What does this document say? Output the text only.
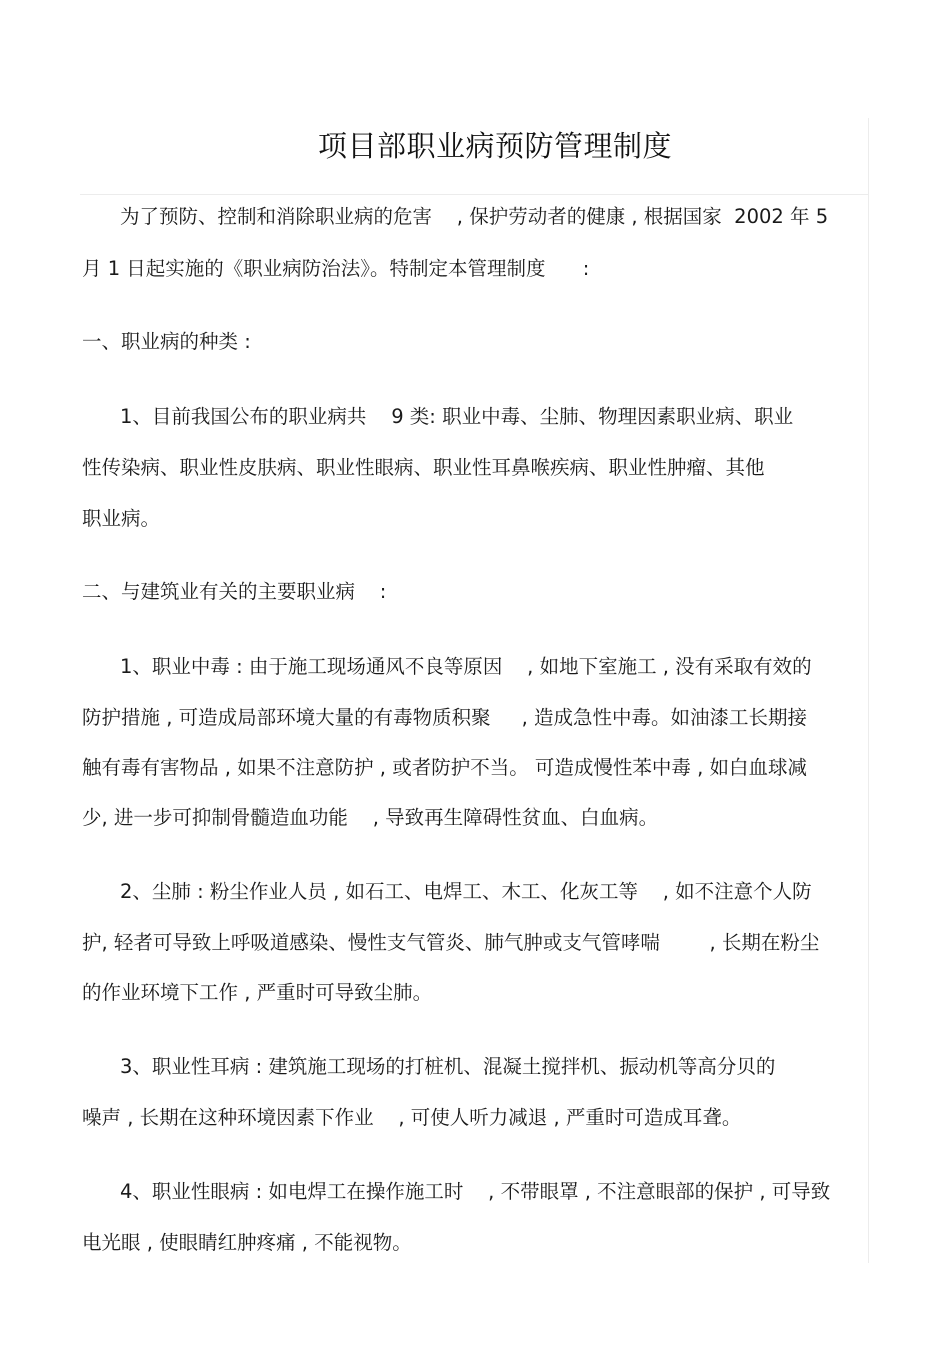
项目部职业病预防管理制度
为了预防、控制和消除职业病的危害    , 保护劳动者的健康 , 根据国家  2002 年 5
月 1 日起实施的《职业病防治法》。特制定本管理制度      :
一、职业病的种类 :
1、目前我国公布的职业病共    9 类: 职业中毒、尘肺、物理因素职业病、职业
性传染病、职业性皮肤病、职业性眼病、职业性耳鼻喉疾病、职业性肿瘤、其他
职业病。
二、与建筑业有关的主要职业病    :
1、职业中毒 : 由于施工现场通风不良等原因    , 如地下室施工 , 没有采取有效的
防护措施 , 可造成局部环境大量的有毒物质积聚     , 造成急性中毒。如油漆工长期接
触有毒有害物品 , 如果不注意防护 , 或者防护不当。 可造成慢性苯中毒 , 如白血球减
少, 进一步可抑制骨髓造血功能    , 导致再生障碍性贫血、白血病。
2、尘肺 : 粉尘作业人员 , 如石工、电焊工、木工、化灰工等    , 如不注意个人防
护, 轻者可导致上呼吸道感染、慢性支气管炎、肺气肿或支气管哮喘        , 长期在粉尘
的作业环境下工作 , 严重时可导致尘肺。
3、职业性耳病 : 建筑施工现场的打桩机、混凝土搅拌机、振动机等高分贝的
噪声 , 长期在这种环境因素下作业    , 可使人听力减退 , 严重时可造成耳聋。
4、职业性眼病 : 如电焊工在操作施工时    , 不带眼罩 , 不注意眼部的保护 , 可导致
电光眼 , 使眼睛红肿疼痛 , 不能视物。
